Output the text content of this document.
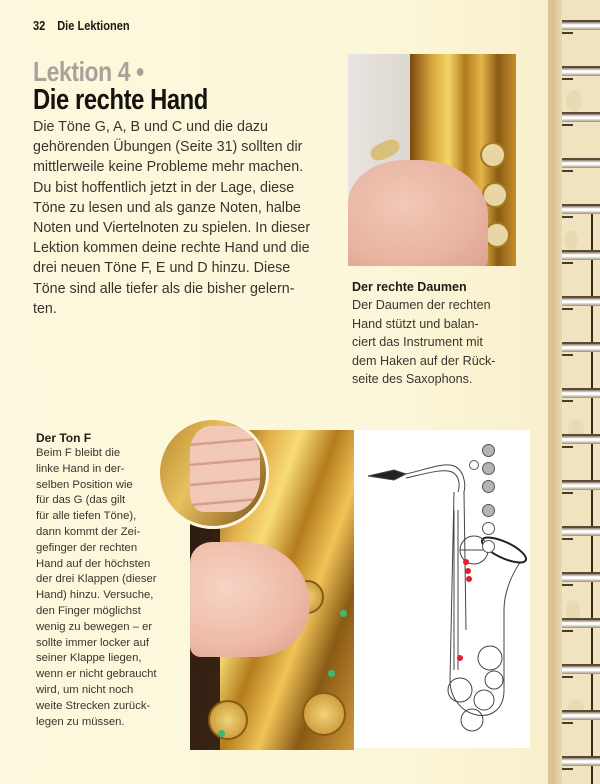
32 Die Lektionen
Lektion 4 •
Die rechte Hand
Die Töne G, A, B und C und die dazu
gehörenden Übungen (Seite 31) sollten dir
mittlerweile keine Probleme mehr machen.
Du bist hoffentlich jetzt in der Lage, diese
Töne zu lesen und als ganze Noten, halbe
Noten und Viertelnoten zu spielen. In dieser
Lektion kommen deine rechte Hand und die
drei neuen Töne F, E und D hinzu. Diese
Töne sind alle tiefer als die bisher gelern-
ten.
Der rechte Daumen
Der Daumen der rechten
Hand stützt und balan-
ciert das Instrument mit
dem Haken auf der Rück-
seite des Saxophons.
Der Ton F
Beim F bleibt die
linke Hand in der-
selben Position wie
für das G (das gilt
für alle tiefen Töne),
dann kommt der Zei-
gefinger der rechten
Hand auf der höchsten
der drei Klappen (dieser
Hand) hinzu. Versuche,
den Finger möglichst
wenig zu bewegen – er
sollte immer locker auf
seiner Klappe liegen,
wenn er nicht gebraucht
wird, um nicht noch
weite Strecken zurück-
legen zu müssen.
